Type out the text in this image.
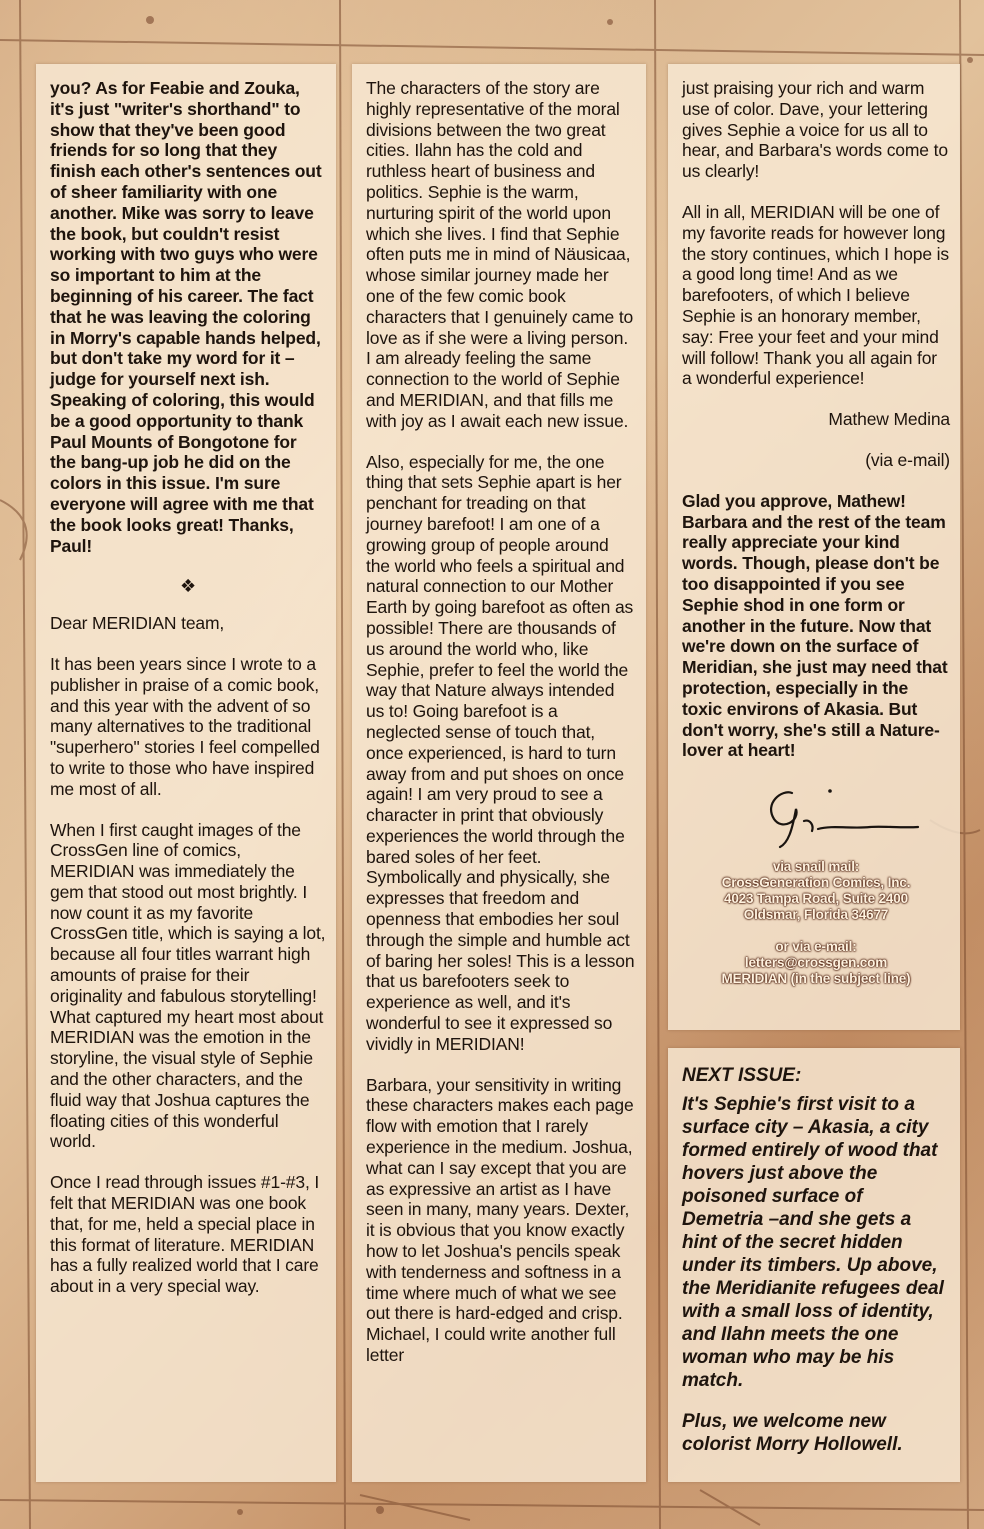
you? As for Feabie and Zouka, it's just "writer's shorthand" to show that they've been good friends for so long that they finish each other's sentences out of sheer familiarity with one another. Mike was sorry to leave the book, but couldn't resist working with two guys who were so important to him at the beginning of his career. The fact that he was leaving the coloring in Morry's capable hands helped, but don't take my word for it – judge for yourself next ish. Speaking of coloring, this would be a good opportunity to thank Paul Mounts of Bongotone for the bang-up job he did on the colors in this issue. I'm sure everyone will agree with me that the book looks great! Thanks, Paul!

❖

Dear MERIDIAN team,

It has been years since I wrote to a publisher in praise of a comic book, and this year with the advent of so many alternatives to the traditional "superhero" stories I feel compelled to write to those who have inspired me most of all.

When I first caught images of the CrossGen line of comics, MERIDIAN was immediately the gem that stood out most brightly. I now count it as my favorite CrossGen title, which is saying a lot, because all four titles warrant high amounts of praise for their originality and fabulous storytelling! What captured my heart most about MERIDIAN was the emotion in the storyline, the visual style of Sephie and the other characters, and the fluid way that Joshua captures the floating cities of this wonderful world.

Once I read through issues #1-#3, I felt that MERIDIAN was one book that, for me, held a special place in this format of literature. MERIDIAN has a fully realized world that I care about in a very special way.

The characters of the story are highly representative of the moral divisions between the two great cities. Ilahn has the cold and ruthless heart of business and politics. Sephie is the warm, nurturing spirit of the world upon which she lives. I find that Sephie often puts me in mind of Näusicaa, whose similar journey made her one of the few comic book characters that I genuinely came to love as if she were a living person. I am already feeling the same connection to the world of Sephie and MERIDIAN, and that fills me with joy as I await each new issue.

Also, especially for me, the one thing that sets Sephie apart is her penchant for treading on that journey barefoot! I am one of a growing group of people around the world who feels a spiritual and natural connection to our Mother Earth by going barefoot as often as possible! There are thousands of us around the world who, like Sephie, prefer to feel the world the way that Nature always intended us to! Going barefoot is a neglected sense of touch that, once experienced, is hard to turn away from and put shoes on once again! I am very proud to see a character in print that obviously experiences the world through the bared soles of her feet. Symbolically and physically, she expresses that freedom and openness that embodies her soul through the simple and humble act of baring her soles! This is a lesson that us barefooters seek to experience as well, and it's wonderful to see it expressed so vividly in MERIDIAN!

Barbara, your sensitivity in writing these characters makes each page flow with emotion that I rarely experience in the medium. Joshua, what can I say except that you are as expressive an artist as I have seen in many, many years. Dexter, it is obvious that you know exactly how to let Joshua's pencils speak with tenderness and softness in a time where much of what we see out there is hard-edged and crisp. Michael, I could write another full letter

just praising your rich and warm use of color. Dave, your lettering gives Sephie a voice for us all to hear, and Barbara's words come to us clearly!

All in all, MERIDIAN will be one of my favorite reads for however long the story continues, which I hope is a good long time! And as we barefooters, of which I believe Sephie is an honorary member, say: Free your feet and your mind will follow! Thank you all again for a wonderful experience!

Mathew Medina

(via e-mail)

Glad you approve, Mathew! Barbara and the rest of the team really appreciate your kind words. Though, please don't be too disappointed if you see Sephie shod in one form or another in the future. Now that we're down on the surface of Meridian, she just may need that protection, especially in the toxic environs of Akasia. But don't worry, she's still a Nature-lover at heart!

via snail mail:

CrossGeneration Comics, Inc.

4023 Tampa Road, Suite 2400

Oldsmar, Florida 34677

or via e-mail:

letters@crossgen.com

MERIDIAN (in the subject line)

NEXT ISSUE:

It's Sephie's first visit to a surface city – Akasia, a city formed entirely of wood that hovers just above the poisoned surface of Demetria –and she gets a hint of the secret hidden under its timbers. Up above, the Meridianite refugees deal with a small loss of identity, and Ilahn meets the one woman who may be his match.

Plus, we welcome new colorist Morry Hollowell.
